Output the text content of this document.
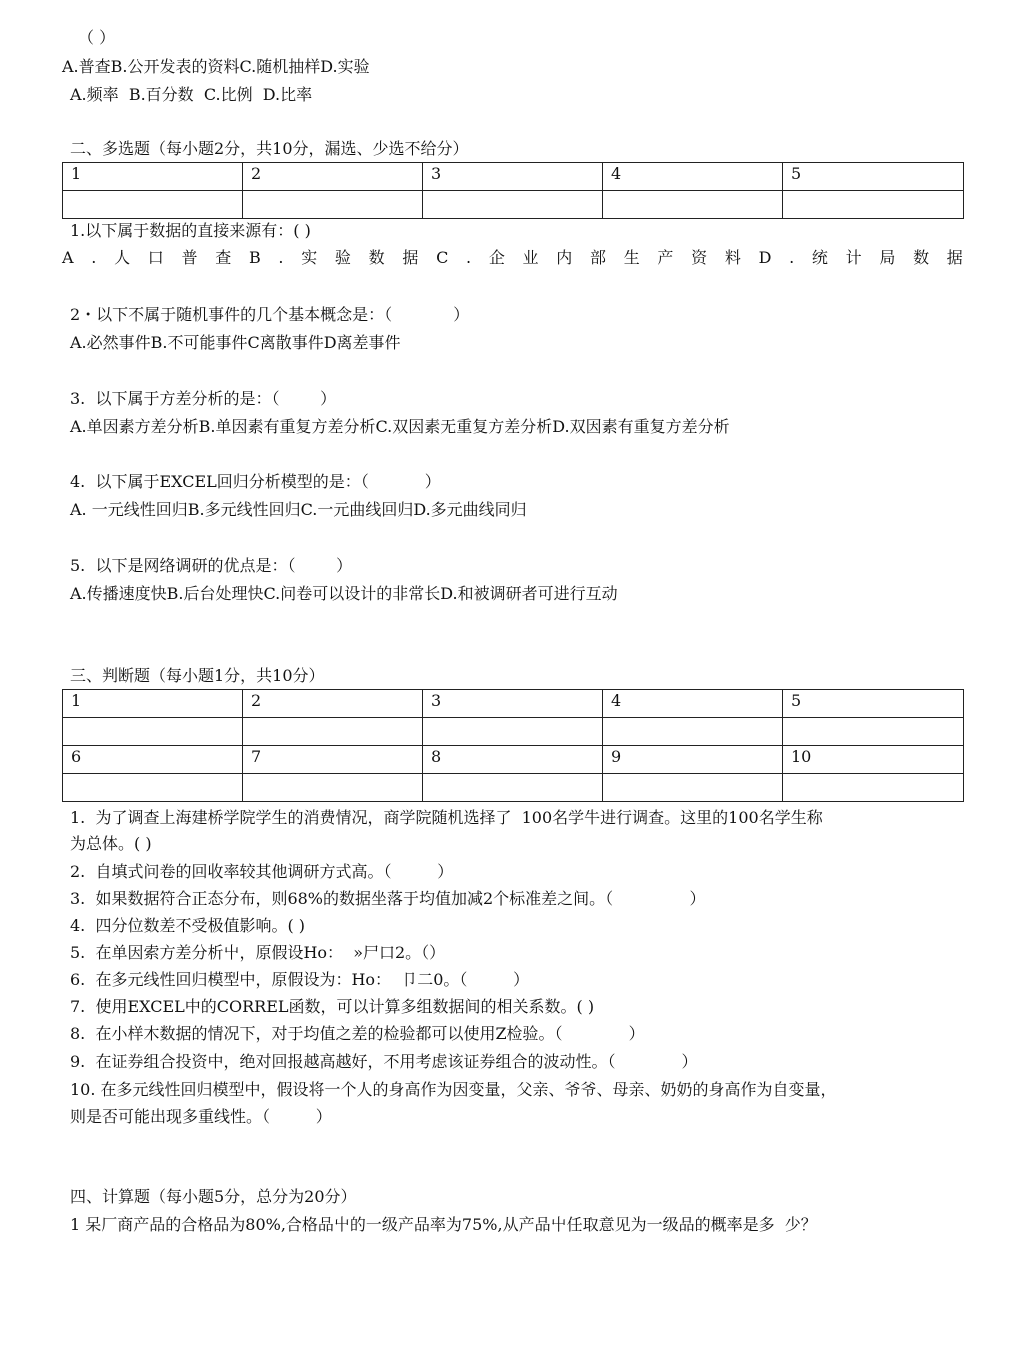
（ ）
A.普查B.公开发表的资料C.随机抽样D.实验
A.频率  B.百分数  C.比例  D.比率
二、多选题（每小题2分，共10分，漏选、少选不给分）
1	2	3	4	5

1.以下属于数据的直接来源有：( )
A . 人 口 普 查 B . 实 验 数 据 C . 企 业 内 部 生 产 资 料 D . 统 计 局 数 据
2・以下不属于随机事件的几个基本概念是：（            ）
A.必然事件B.不可能事件C离散事件D离差事件
3.  以下属于方差分析的是：（        ）
A.单因素方差分析B.单因素有重复方差分析C.双因素无重复方差分析D.双因素有重复方差分析
4.  以下属于EXCEL回归分析模型的是：（           ）
A. 一元线性回归B.多元线性回归C.一元曲线回归D.多元曲线同归
5.  以下是网络调研的优点是：（        ）
A.传播速度快B.后台处理快C.问卷可以设计的非常长D.和被调研者可进行互动
三、判断题（每小题1分，共10分）
1	2	3	4	5

6	7	8	9	10

1.  为了调查上海建桥学院学生的消费情况，商学院随机选择了  100名学牛进行调查。这里的100名学生称
为总体。( )
2.  自填式问卷的回收率较其他调研方式高。（         ）
3.  如果数据符合正态分布，则68%的数据坐落于均值加减2个标准差之间。（               ）
4.  四分位数差不受极值影响。( )
5.  在单因索方差分析屮，原假设Ho：  »尸口2。（）
6.  在多元线性回归模型中，原假设为：Ho：  卩二0。（         ）
7.  使用EXCEL中的CORREL函数，可以计算多组数据间的相关系数。( )
8.  在小样木数据的情况下，对于均值之差的检验都可以使用Z检验。（             ）
9.  在证券组合投资中，绝对回报越高越好，不用考虑该证券组合的波动性。（             ）
10. 在多元线性回归模型中，假设将一个人的身高作为因变量，父亲、爷爷、母亲、奶奶的身高作为自变量，
则是否可能出现多重线性。（         ）
四、计算题（每小题5分，总分为20分）
1 呆厂商产品的合格品为80%,合格品屮的一级产品率为75%,从产品屮任取意见为一级品的概率是多  少？
